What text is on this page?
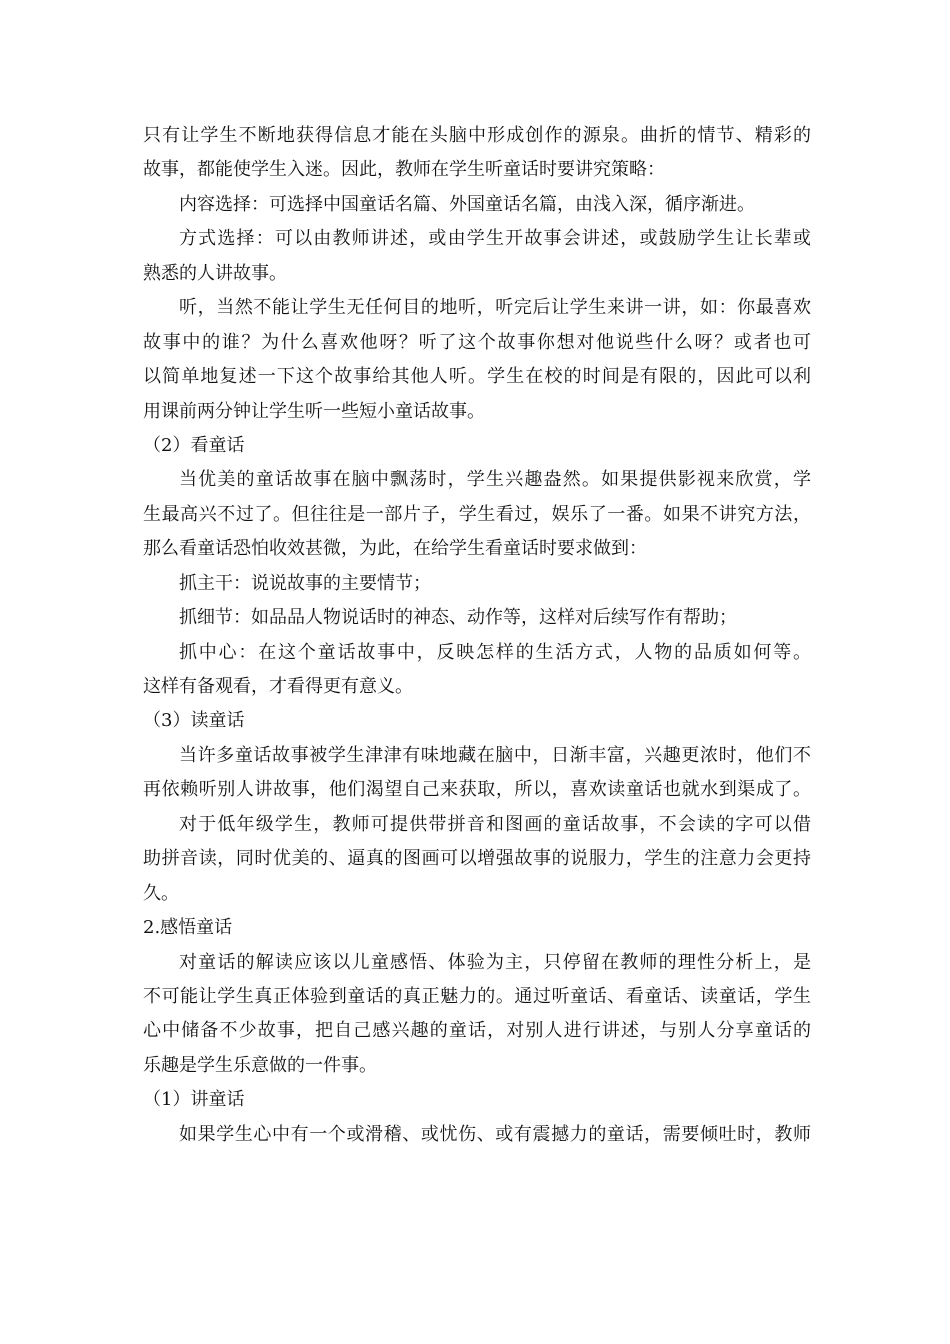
只有让学生不断地获得信息才能在头脑中形成创作的源泉。曲折的情节、精彩的
故事，都能使学生入迷。因此，教师在学生听童话时要讲究策略：
内容选择：可选择中国童话名篇、外国童话名篇，由浅入深，循序渐进。
方式选择：可以由教师讲述，或由学生开故事会讲述，或鼓励学生让长辈或
熟悉的人讲故事。
听，当然不能让学生无任何目的地听，听完后让学生来讲一讲，如：你最喜欢
故事中的谁？为什么喜欢他呀？听了这个故事你想对他说些什么呀？或者也可
以简单地复述一下这个故事给其他人听。学生在校的时间是有限的，因此可以利
用课前两分钟让学生听一些短小童话故事。
（2）看童话
当优美的童话故事在脑中飘荡时，学生兴趣盎然。如果提供影视来欣赏，学
生最高兴不过了。但往往是一部片子，学生看过，娱乐了一番。如果不讲究方法，
那么看童话恐怕收效甚微，为此，在给学生看童话时要求做到：
抓主干：说说故事的主要情节；
抓细节：如品品人物说话时的神态、动作等，这样对后续写作有帮助；
抓中心：在这个童话故事中，反映怎样的生活方式，人物的品质如何等。
这样有备观看，才看得更有意义。
（3）读童话
当许多童话故事被学生津津有味地藏在脑中，日渐丰富，兴趣更浓时，他们不
再依赖听别人讲故事，他们渴望自己来获取，所以，喜欢读童话也就水到渠成了。
对于低年级学生，教师可提供带拼音和图画的童话故事，不会读的字可以借
助拼音读，同时优美的、逼真的图画可以增强故事的说服力，学生的注意力会更持
久。
2.感悟童话
对童话的解读应该以儿童感悟、体验为主，只停留在教师的理性分析上，是
不可能让学生真正体验到童话的真正魅力的。通过听童话、看童话、读童话，学生
心中储备不少故事，把自己感兴趣的童话，对别人进行讲述，与别人分享童话的
乐趣是学生乐意做的一件事。
（1）讲童话
如果学生心中有一个或滑稽、或忧伤、或有震撼力的童话，需要倾吐时，教师
